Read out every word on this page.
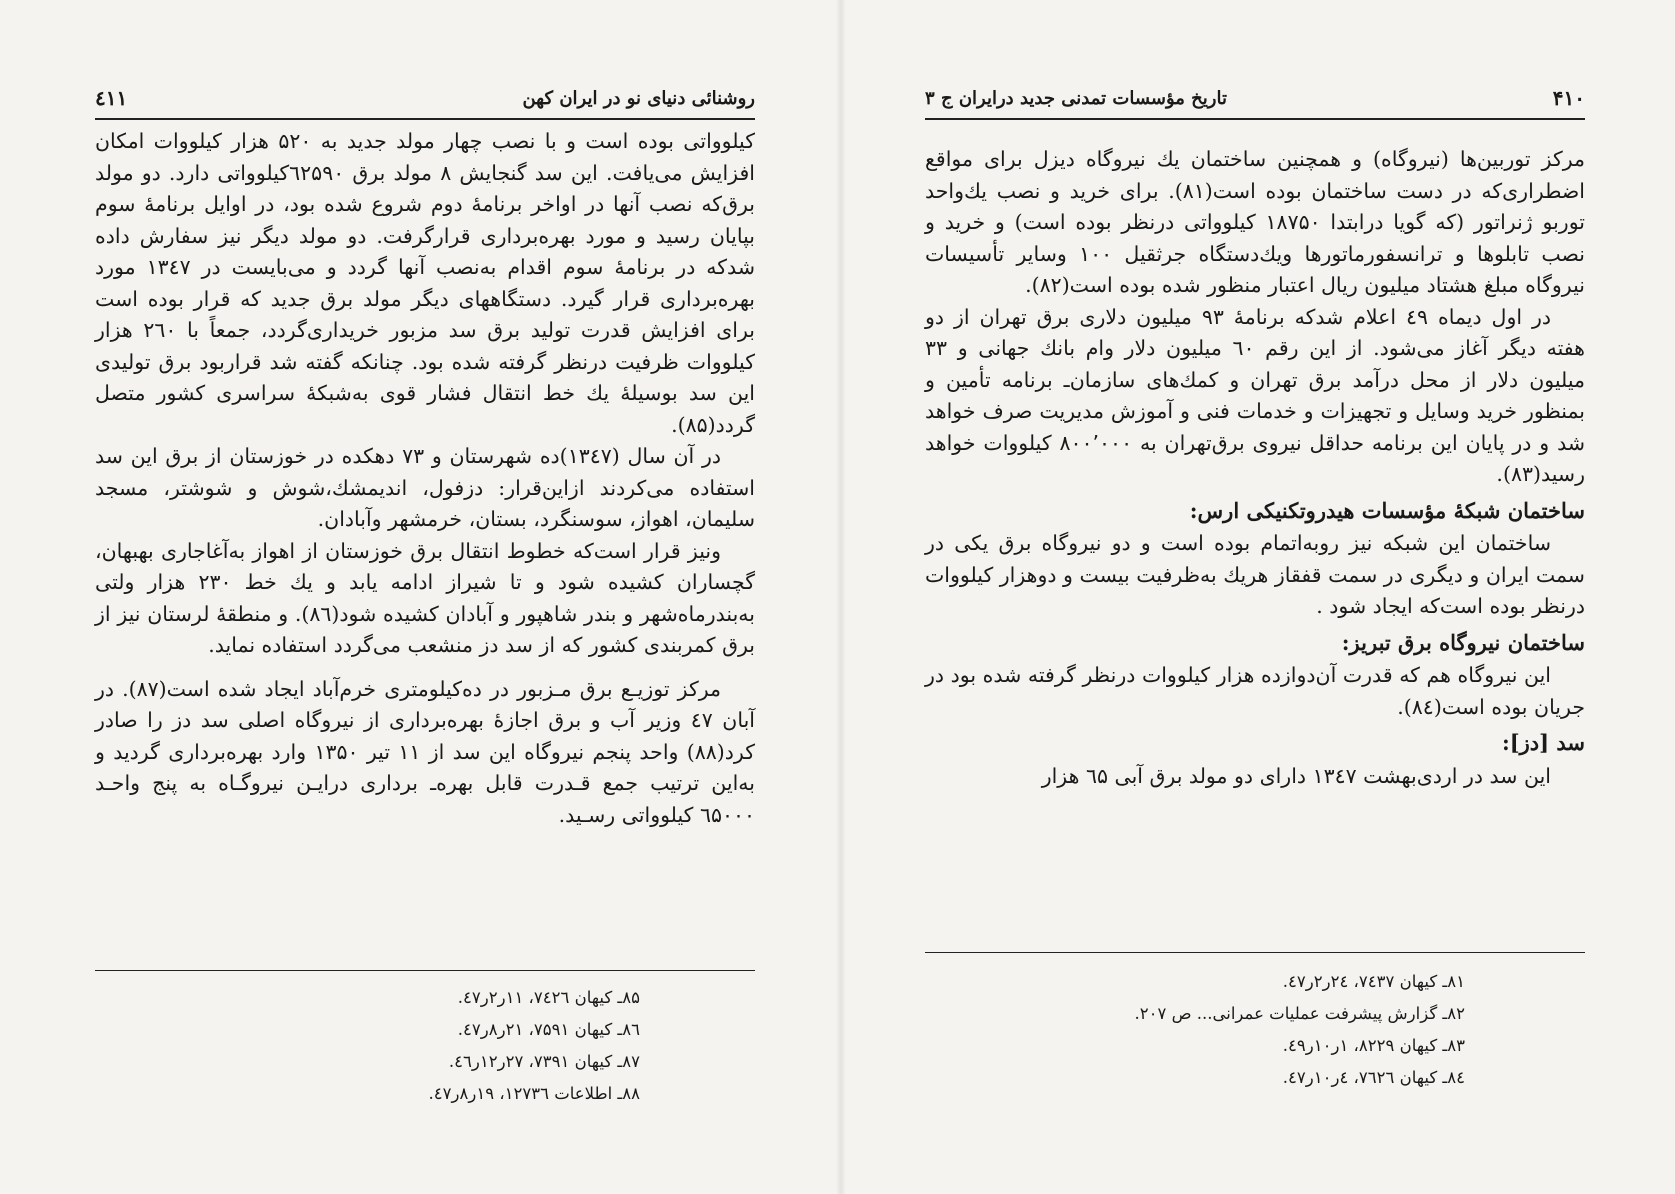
روشنائی دنیای نو در ایران کهن
٤۱۱

کیلوواتی بوده است و با نصب چهار مولد جدید به ۵۲۰ هزار کیلووات امکان افزایش می‌یافت. این سد گنجایش ۸ مولد برق ٦۲۵۹۰کیلوواتی دارد. دو مولد برق‌که نصب آنها در اواخر برنامهٔ دوم شروع شده بود، در اوایل برنامهٔ سوم بپایان رسید و مورد بهره‌برداری قرارگرفت. دو مولد دیگر نیز سفارش داده شدکه در برنامهٔ سوم اقدام به‌نصب آنها گردد و می‌بایست در ۱۳٤۷ مورد بهره‌برداری قرار گیرد. دستگاههای دیگر مولد برق جدید که قرار بوده است برای افزایش قدرت تولید برق سد مزبور خریداری‌گردد، جمعاً با ۲٦۰ هزار کیلووات ظرفیت درنظر گرفته شده بود. چنانکه گفته شد قراربود برق تولیدی این سد بوسیلهٔ یك خط انتقال فشار قوی به‌شبکهٔ سراسری کشور متصل گردد(۸۵).

در آن سال (۱۳٤۷)ده شهرستان و ۷۳ دهکده در خوزستان از برق این سد استفاده می‌کردند ازاین‌قرار: دزفول، اندیمشك،شوش و شوشتر، مسجد سلیمان، اهواز، سوسنگرد، بستان، خرمشهر وآبادان.

ونیز قرار است‌که خطوط انتقال برق خوزستان از اهواز به‌آغاجاری بهبهان، گچساران کشیده شود و تا شیراز ادامه یابد و یك خط ۲۳۰ هزار ولتی به‌بندرماه‌شهر و بندر شاهپور و آبادان کشیده شود(۸٦). و منطقهٔ لرستان نیز از برق کمربندی کشور که از سد دز منشعب می‌گردد استفاده نماید.

مرکز توزیـع برق مـزبور در ده‌کیلومتری خرم‌آباد ایجاد شده است(۸۷). در آبان ٤۷ وزیر آب و برق اجازهٔ بهره‌برداری از نیروگاه اصلی سد دز را صادر کرد(۸۸) واحد پنجم نیروگاه این سد از ۱۱ تیر ۱۳۵۰ وارد بهره‌برداری گردید و به‌این ترتیب جمع قـدرت قابل بهره‌ـ برداری درایـن نیروگـاه به پنج واحـد ٦۵۰۰۰ کیلوواتی رسـید.

۸۵ـ کیهان ۷٤۲٦، ۱۱ر۲ر٤۷.
۸٦ـ کیهان ۷۵۹۱، ۲۱ر۸ر٤۷.
۸۷ـ کیهان ۷۳۹۱، ۲۷ر۱۲ر٤٦.
۸۸ـ اطلاعات ۱۲۷۳٦، ۱۹ر۸ر٤۷.
۴۱۰
تاریخ مؤسسات تمدنی جدید درایران ج ۳

مرکز توربین‌ها (نیروگاه) و همچنین ساختمان یك نیروگاه دیزل برای مواقع اضطراری‌که در دست ساختمان بوده است(۸۱). برای خرید و نصب یك‌واحد توربو ژنراتور (که گویا درابتدا ۱۸۷۵۰ کیلوواتی درنظر بوده است) و خرید و نصب تابلوها و ترانسفورماتورها ویك‌دستگاه جرثقیل ۱۰۰ وسایر تأسیسات نیروگاه مبلغ هشتاد میلیون ریال اعتبار منظور شده بوده است(۸۲).

در اول دیماه ٤۹ اعلام شدکه برنامهٔ ۹۳ میلیون دلاری برق تهران از دو هفته دیگر آغاز می‌شود. از این رقم ٦۰ میلیون دلار وام بانك جهانی و ۳۳ میلیون دلار از محل درآمد برق تهران و کمك‌های سازمان‌ـ برنامه تأمین و بمنظور خرید وسایل و تجهیزات و خدمات فنی و آموزش مدیریت صرف خواهد شد و در پایان این برنامه حداقل نیروی برق‌تهران به ۸۰۰٬۰۰۰ کیلووات خواهد رسید(۸۳).

ساختمان شبکهٔ مؤسسات هیدروتکنیکی ارس:

ساختمان این شبکه نیز روبه‌اتمام بوده است و دو نیروگاه برق یکی در سمت ایران و دیگری در سمت قفقاز هریك به‌ظرفیت بیست و دوهزار کیلووات درنظر بوده است‌که ایجاد شود .

ساختمان نیروگاه برق تبریز:

این نیروگاه هم که قدرت آن‌دوازده هزار کیلووات درنظر گرفته شده بود در جریان بوده است(۸٤).

سد [دز]:

این سد در اردی‌بهشت ۱۳٤۷ دارای دو مولد برق آبی ٦۵ هزار

۸۱ـ کیهان ۷٤۳۷، ۲٤ر۲ر٤۷.
۸۲ـ گزارش پیشرفت عملیات عمرانی... ص ۲۰۷.
۸۳ـ کیهان ۸۲۲۹، ۱ر۱۰ر٤۹.
۸٤ـ کیهان ۷٦۲٦، ٤ر۱۰ر٤۷.
